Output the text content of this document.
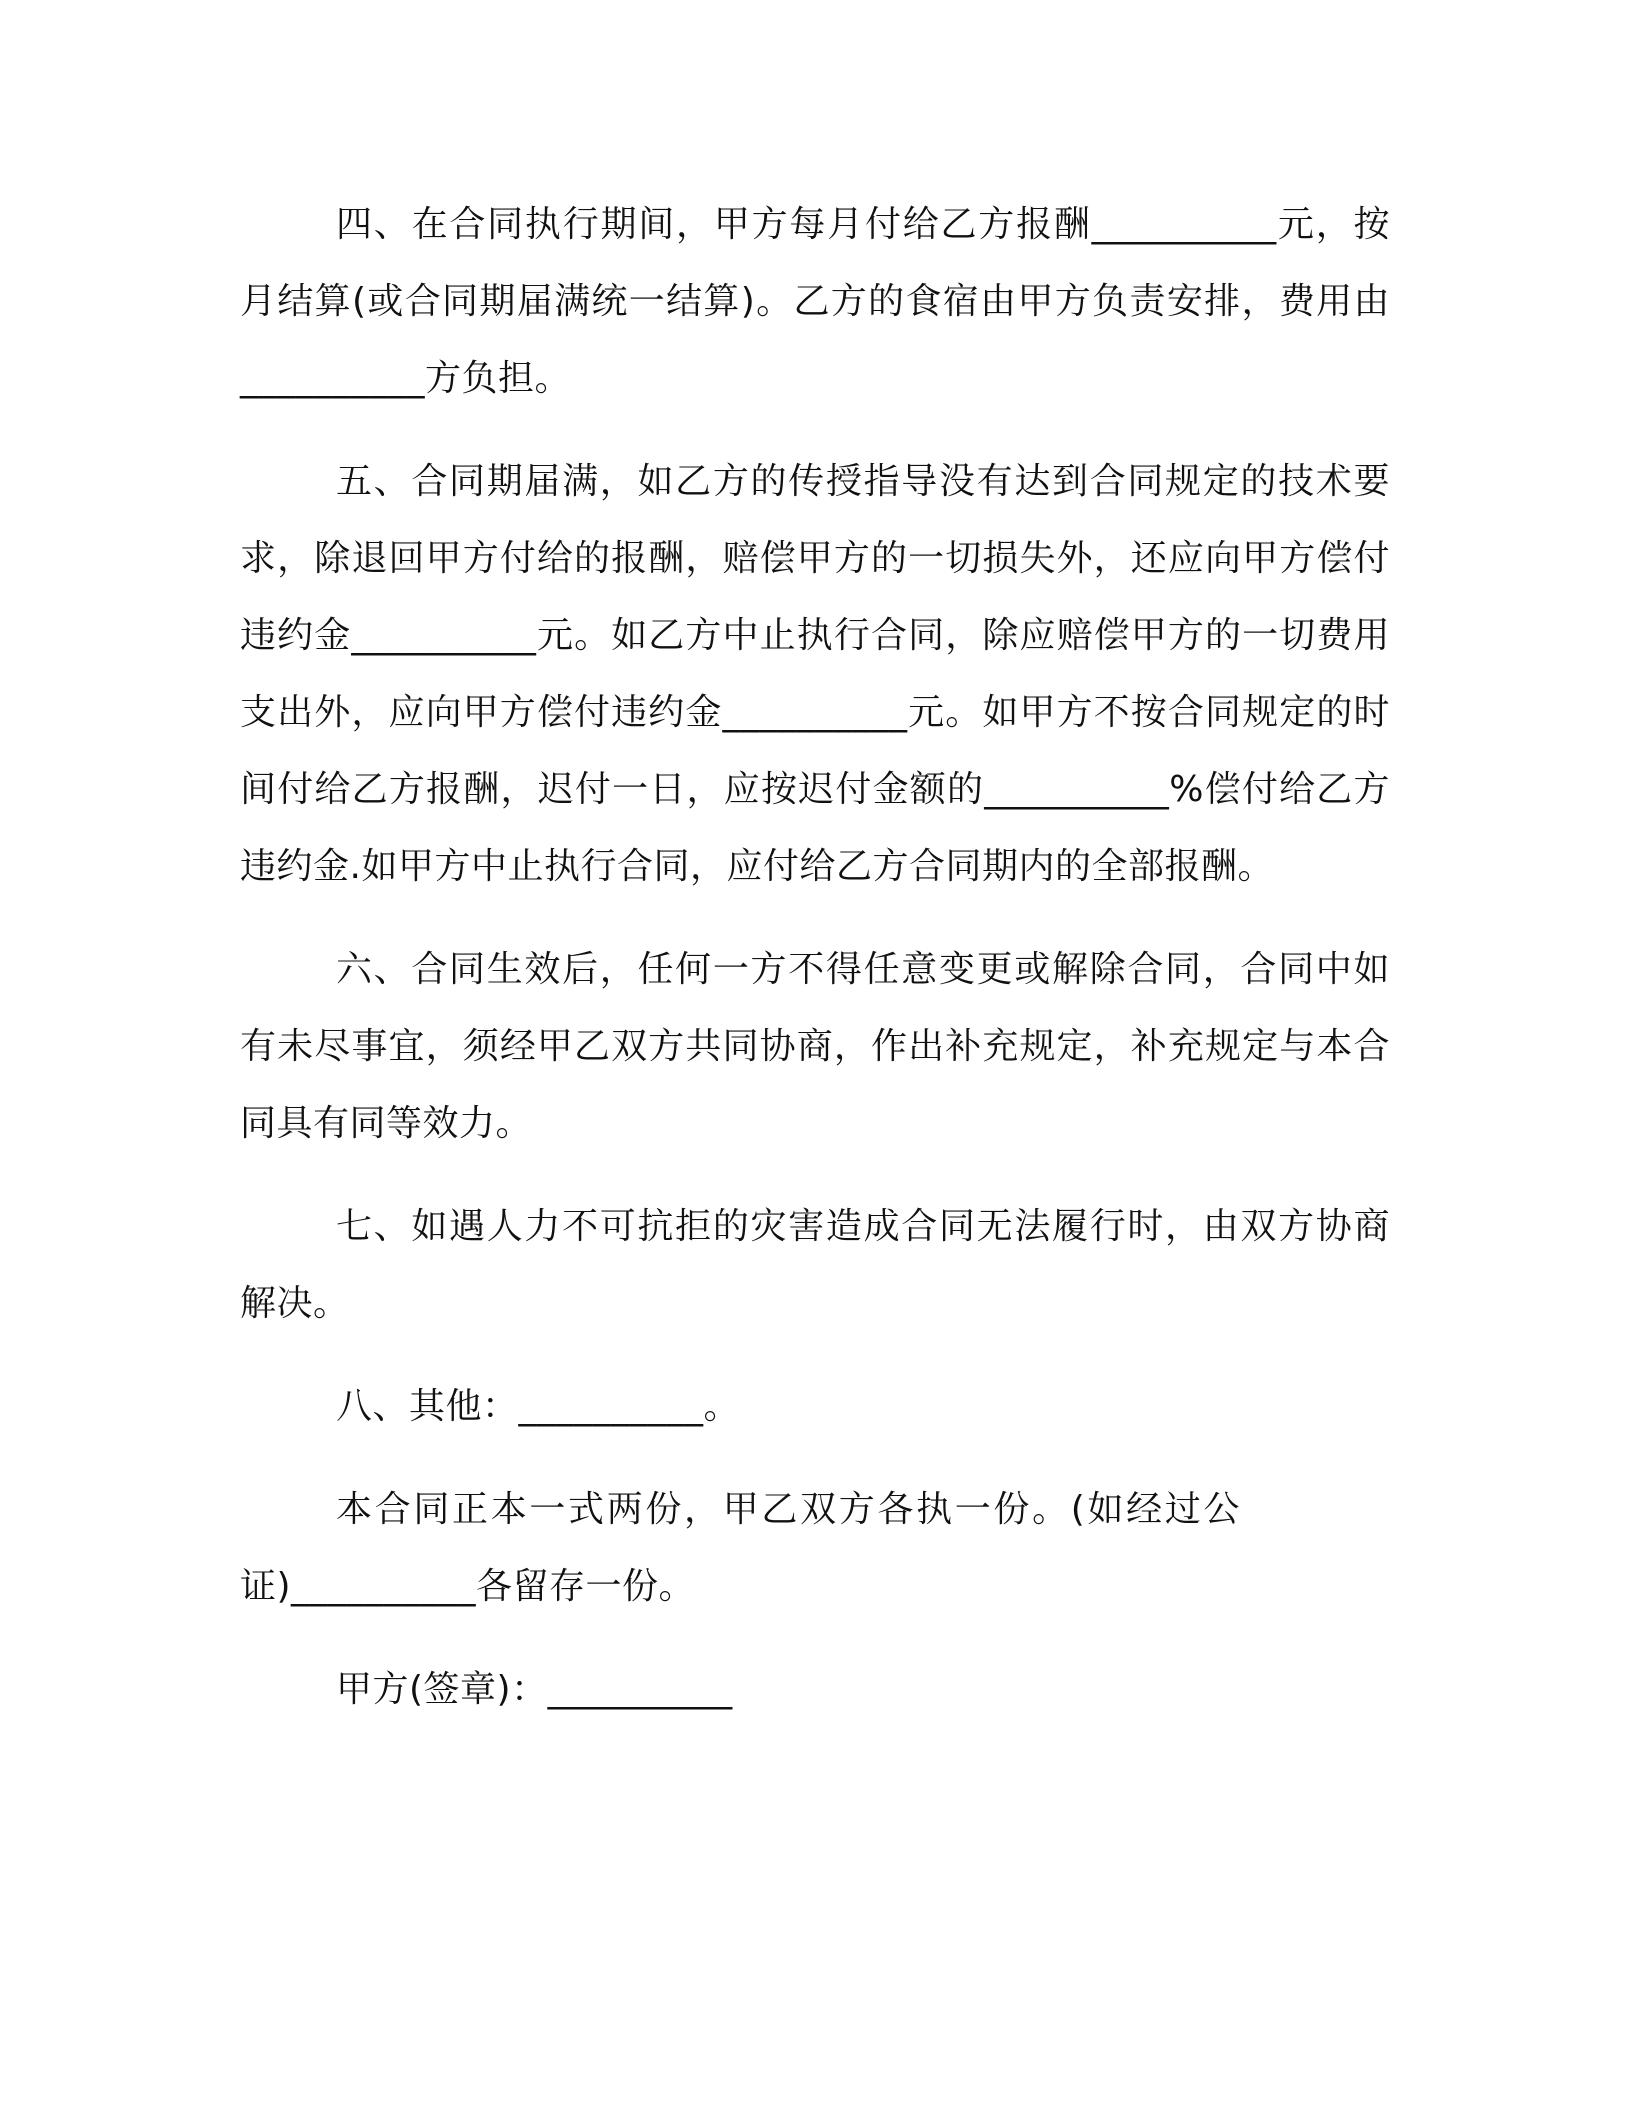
四、在合同执行期间，甲方每月付给乙方报酬__________元，按月结算(或合同期届满统一结算)。乙方的食宿由甲方负责安排，费用由__________方负担。

五、合同期届满，如乙方的传授指导没有达到合同规定的技术要求，除退回甲方付给的报酬，赔偿甲方的一切损失外，还应向甲方偿付违约金__________元。如乙方中止执行合同，除应赔偿甲方的一切费用支出外，应向甲方偿付违约金__________元。如甲方不按合同规定的时间付给乙方报酬，迟付一日，应按迟付金额的__________%偿付给乙方违约金.如甲方中止执行合同，应付给乙方合同期内的全部报酬。

六、合同生效后，任何一方不得任意变更或解除合同，合同中如有未尽事宜，须经甲乙双方共同协商，作出补充规定，补充规定与本合同具有同等效力。

七、如遇人力不可抗拒的灾害造成合同无法履行时，由双方协商解决。

八、其他：__________。

本合同正本一式两份，甲乙双方各执一份。(如经过公证)__________各留存一份。

甲方(签章)：__________
